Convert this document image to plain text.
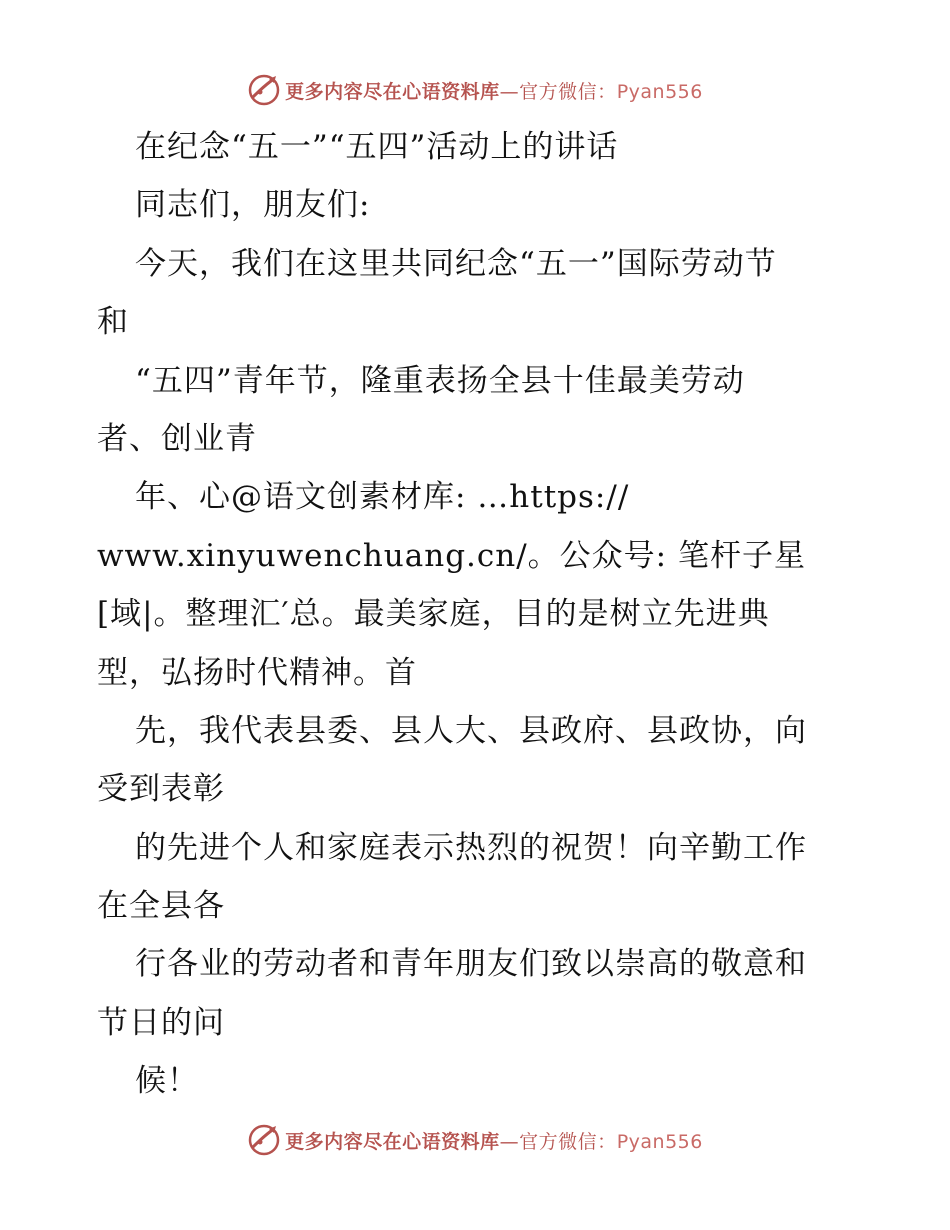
更多内容尽在心语资料库—官方微信：Pyan556
在纪念“五一”“五四”活动上的讲话
同志们，朋友们:
今天，我们在这里共同纪念“五一”国际劳动节
和
“五四”青年节，隆重表扬全县十佳最美劳动
者、创业青
年、心@语文创素材库: …https://
www.xinyuwenchuang.cn/。公众号: 笔杆子星
[域|。整理汇′总。最美家庭，目的是树立先进典
型，弘扬时代精神。首
先，我代表县委、县人大、县政府、县政协，向
受到表彰
的先进个人和家庭表示热烈的祝贺！向辛勤工作
在全县各
行各业的劳动者和青年朋友们致以崇高的敬意和
节日的问
候！
更多内容尽在心语资料库—官方微信：Pyan556
